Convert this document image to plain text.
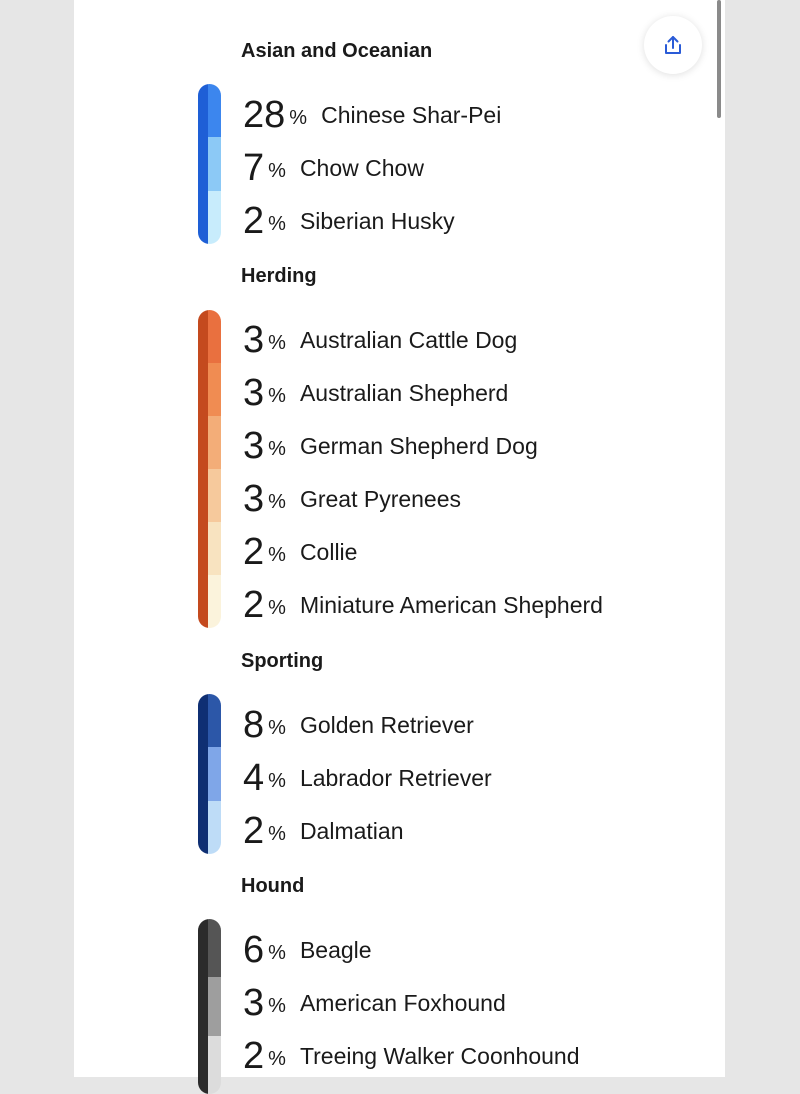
Asian and Oceanian
28 % Chinese Shar-Pei
7 % Chow Chow
2 % Siberian Husky
Herding
3 % Australian Cattle Dog
3 % Australian Shepherd
3 % German Shepherd Dog
3 % Great Pyrenees
2 % Collie
2 % Miniature American Shepherd
Sporting
8 % Golden Retriever
4 % Labrador Retriever
2 % Dalmatian
Hound
6 % Beagle
3 % American Foxhound
2 % Treeing Walker Coonhound
